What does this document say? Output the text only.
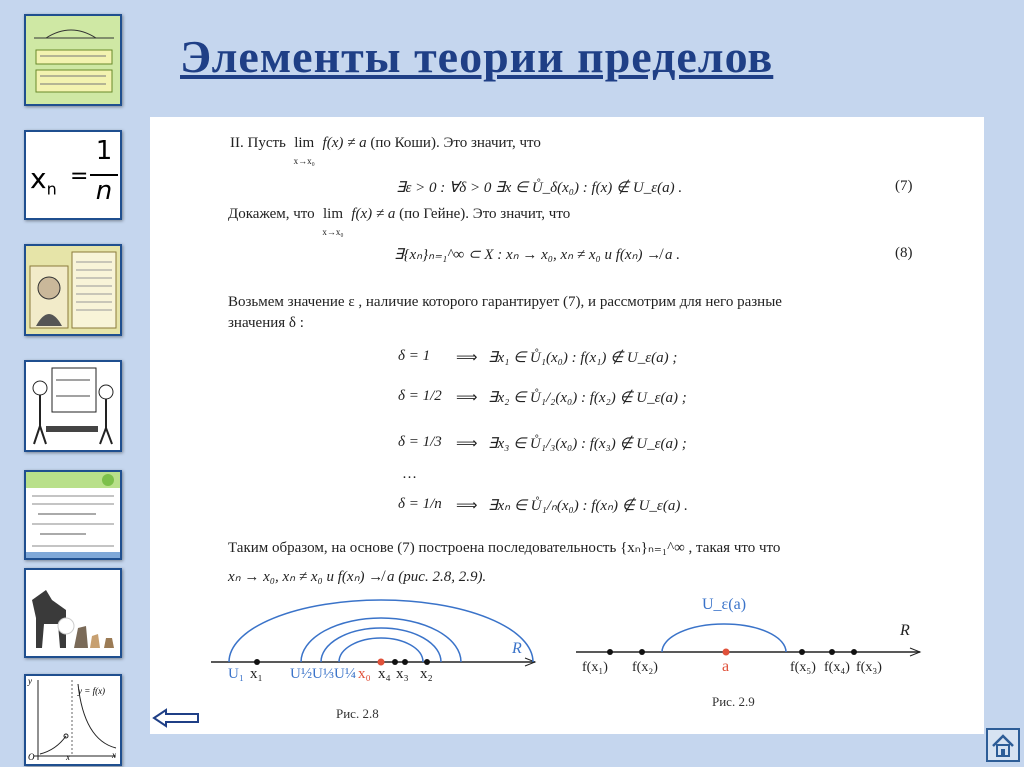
Элементы теории пределов
$x_n$
=
1
n
y = f(x)
y
x
O	x
II. Пусть lim
x→x₀ f(x) ≠ a (по Коши). Это значит, что
∃ε > 0 : ∀δ > 0 ∃x ∈ Ů_δ(x₀) : f(x) ∉ U_ε(a) .	(7)
Докажем, что lim
x→x₀ f(x) ≠ a (по Гейне). Это значит, что
∃{xₙ}ₙ₌₁^∞ ⊂ X : xₙ → x₀, xₙ ≠ x₀ и f(xₙ) ↛ a .	(8)
Возьмем значение ε , наличие которого гарантирует (7), и рассмотрим для него разные
значения δ :
δ = 1 ⟹ ∃x₁ ∈ Ů₁(x₀) : f(x₁) ∉ U_ε(a) ;
δ = 1/2 ⟹ ∃x₂ ∈ Ů₁/₂(x₀) : f(x₂) ∉ U_ε(a) ;
δ = 1/3 ⟹ ∃x₃ ∈ Ů₁/₃(x₀) : f(x₃) ∉ U_ε(a) ;
…
δ = 1/n ⟹ ∃xₙ ∈ Ů₁/ₙ(x₀) : f(xₙ) ∉ U_ε(a) .
Таким образом, на основе (7) построена последовательность {xₙ}ₙ₌₁^∞ , такая что что
xₙ → x₀, xₙ ≠ x₀ и f(xₙ) ↛ a (рис. 2.8, 2.9).
R
U₁ x₁ U½ U⅓ U¼ x₀ x₄ x₃ x₂
Рис. 2.8
R
U_ε(a)
f(x₁) f(x₂)	a	f(x₅) f(x₄) f(x₃)
Рис. 2.9
